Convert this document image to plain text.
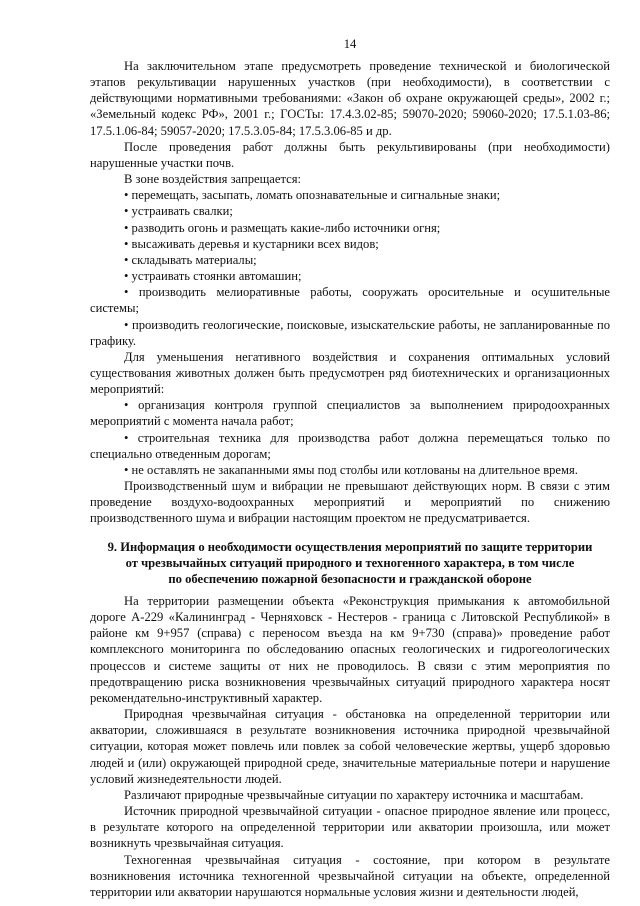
14

На заключительном этапе предусмотреть проведение технической и биологической этапов рекультивации нарушенных участков (при необходимости), в соответствии с действующими нормативными требованиями: «Закон об охране окружающей среды», 2002 г.; «Земельный кодекс РФ», 2001 г.; ГОСТы: 17.4.3.02-85; 59070-2020; 59060-2020; 17.5.1.03-86; 17.5.1.06-84; 59057-2020; 17.5.3.05-84; 17.5.3.06-85 и др.

После проведения работ должны быть рекультивированы (при необходимости) нарушенные участки почв.

В зоне воздействия запрещается:

• перемещать, засыпать, ломать опознавательные и сигнальные знаки;

• устраивать свалки;

• разводить огонь и размещать какие-либо источники огня;

• высаживать деревья и кустарники всех видов;

• складывать материалы;

• устраивать стоянки автомашин;

• производить мелиоративные работы, сооружать оросительные и осушительные системы;

• производить геологические, поисковые, изыскательские работы, не запланированные по графику.

Для уменьшения негативного воздействия и сохранения оптимальных условий существования животных должен быть предусмотрен ряд биотехнических и организационных мероприятий:

• организация контроля группой специалистов за выполнением природоохранных мероприятий с момента начала работ;

• строительная техника для производства работ должна перемещаться только по специально отведенным дорогам;

• не оставлять не закапанными ямы под столбы или котлованы на длительное время.

Производственный шум и вибрации не превышают действующих норм. В связи с этим проведение воздухо-водоохранных мероприятий и мероприятий по снижению производственного шума и вибрации настоящим проектом не предусматривается.

9. Информация о необходимости осуществления мероприятий по защите территории
от чрезвычайных ситуаций природного и техногенного характера, в том числе
по обеспечению пожарной безопасности и гражданской обороне

На территории размещении объекта «Реконструкция примыкания к автомобильной дороге А-229 «Калининград - Черняховск - Нестеров - граница с Литовской Республикой» в районе км 9+957 (справа) с переносом въезда на км 9+730 (справа)» проведение работ комплексного мониторинга по обследованию опасных геологических и гидрогеологических процессов и системе защиты от них не проводилось. В связи с этим мероприятия по предотвращению риска возникновения чрезвычайных ситуаций природного характера носят рекомендательно-инструктивный характер.

Природная чрезвычайная ситуация - обстановка на определенной территории или акватории, сложившаяся в результате возникновения источника природной чрезвычайной ситуации, которая может повлечь или повлек за собой человеческие жертвы, ущерб здоровью людей и (или) окружающей природной среде, значительные материальные потери и нарушение условий жизнедеятельности людей.

Различают природные чрезвычайные ситуации по характеру источника и масштабам.

Источник природной чрезвычайной ситуации - опасное природное явление или процесс, в результате которого на определенной территории или акватории произошла, или может возникнуть чрезвычайная ситуация.

Техногенная чрезвычайная ситуация - состояние, при котором в результате возникновения источника техногенной чрезвычайной ситуации на объекте, определенной территории или акватории нарушаются нормальные условия жизни и деятельности людей,
